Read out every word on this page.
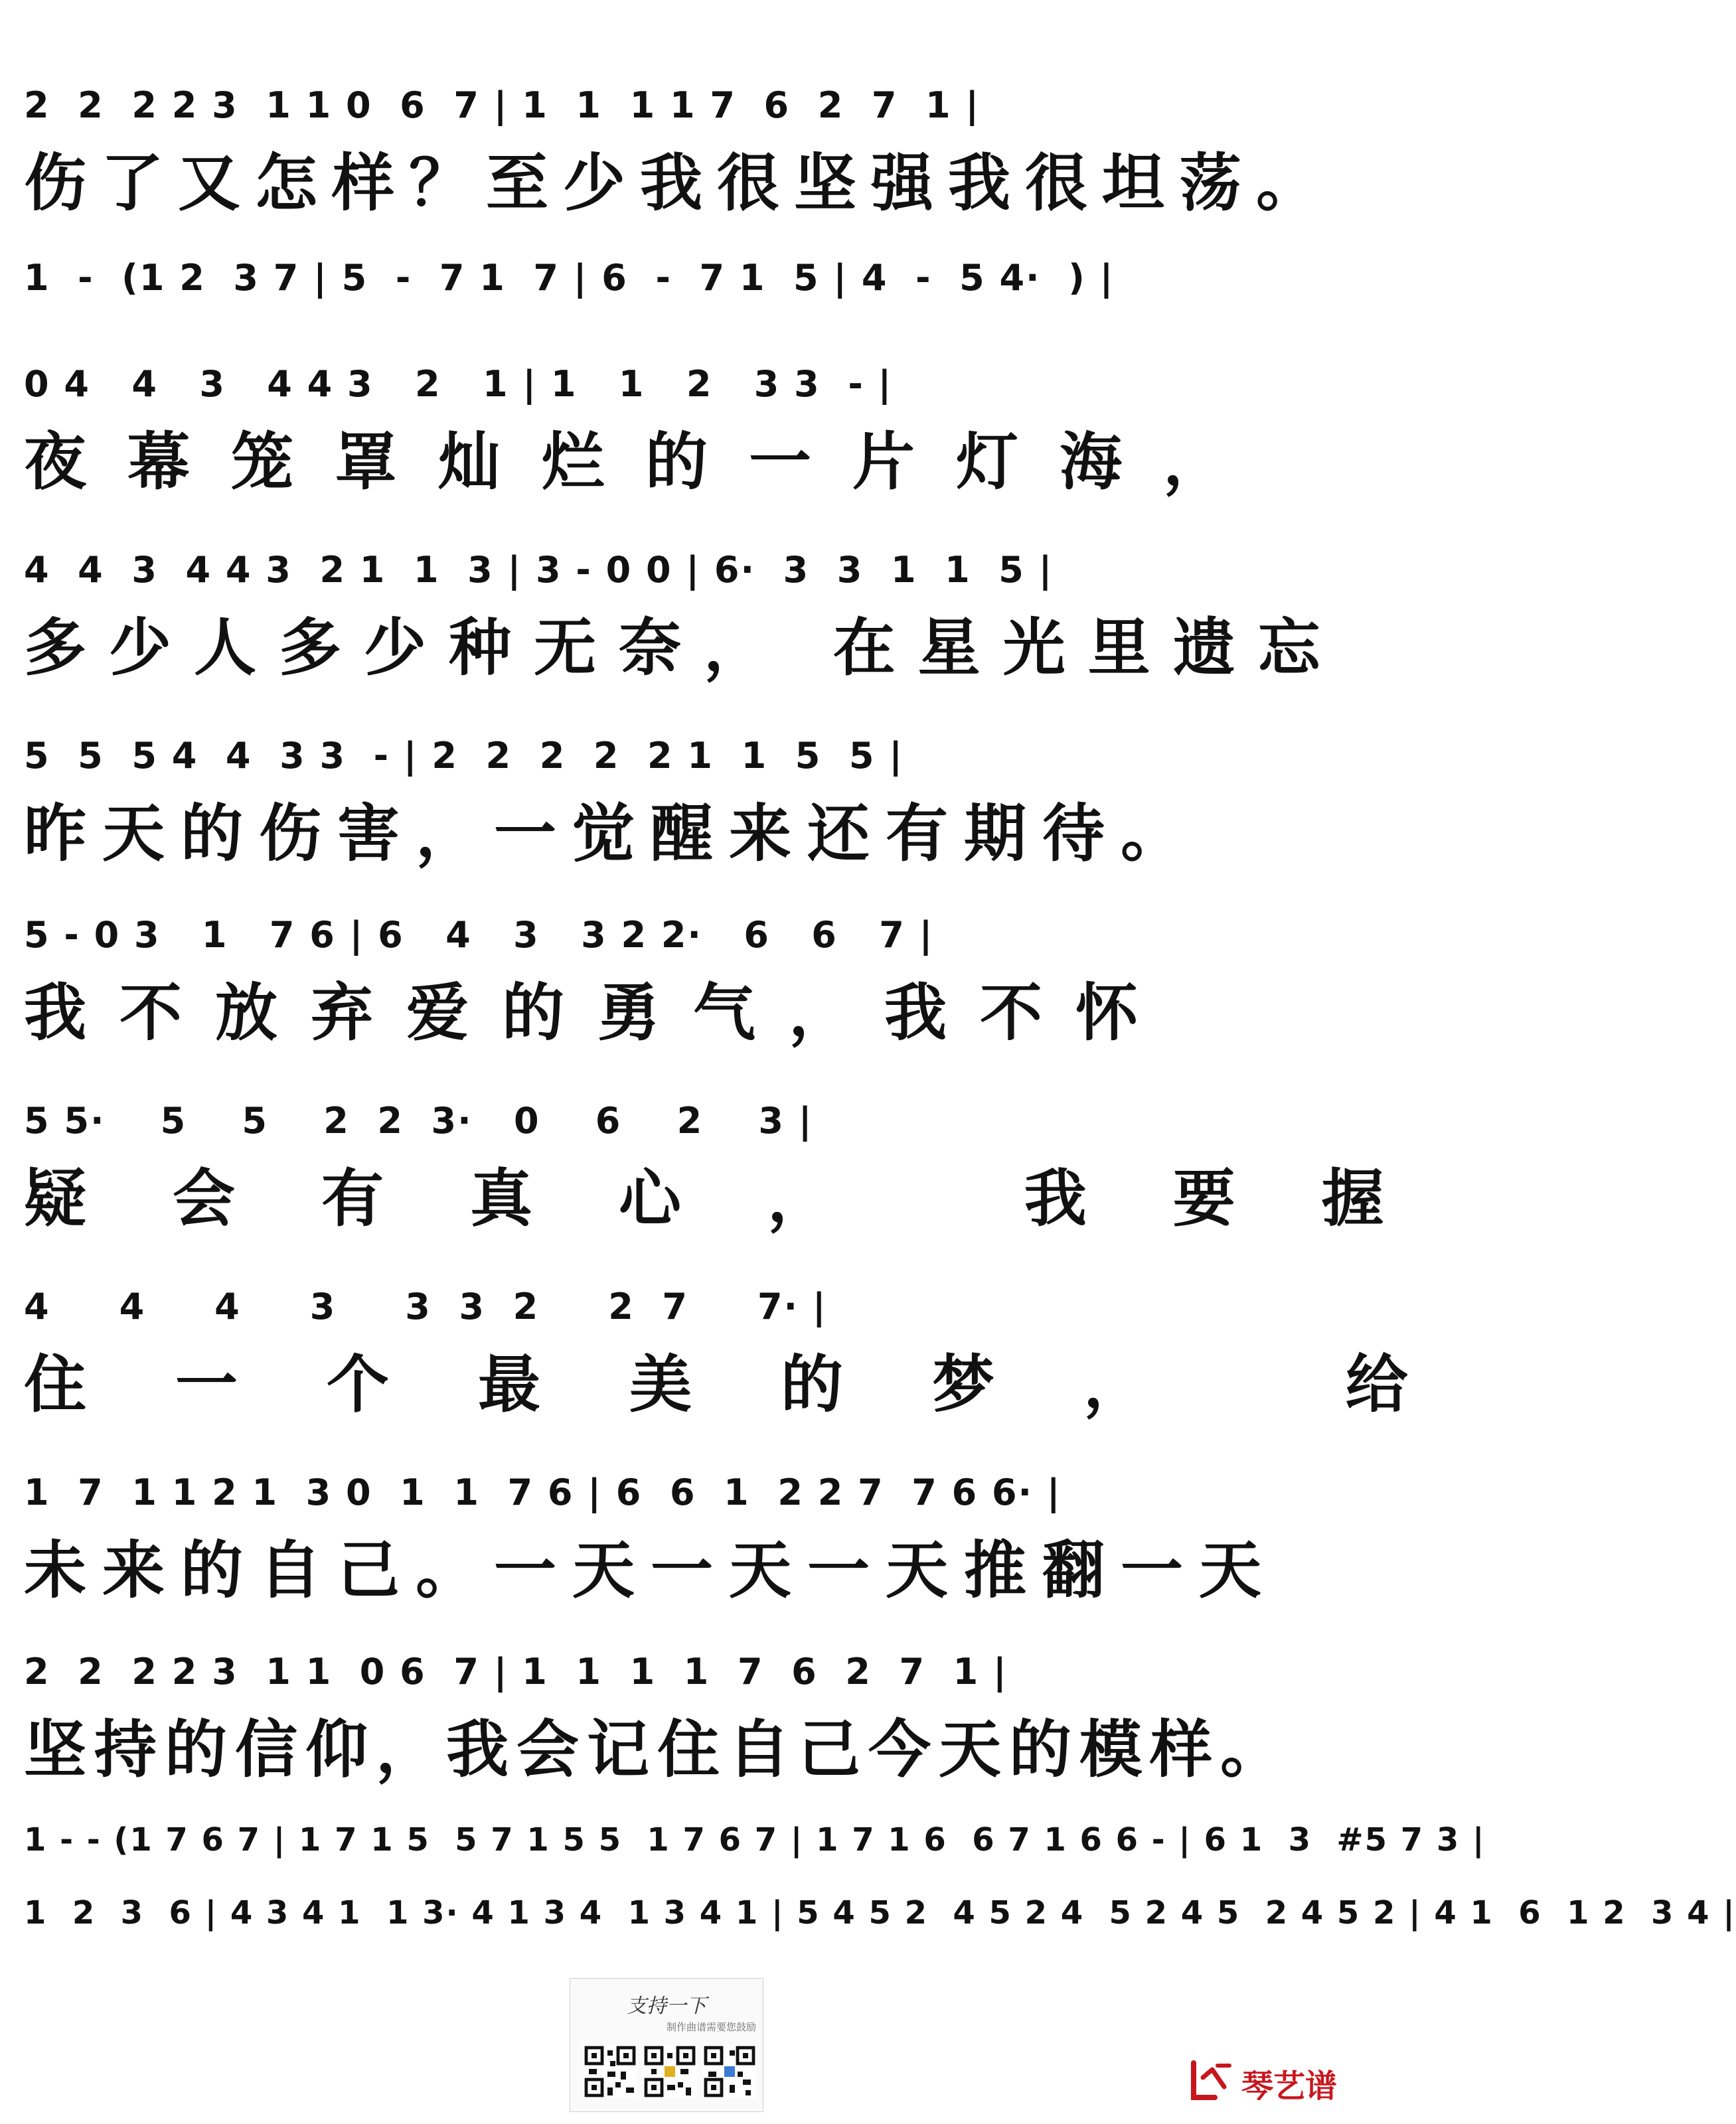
2  2  2 2 3  1 1 0  6  7 | 1  1  1 1 7  6  2  7  1 |
伤了又怎样？至少我很坚强我很坦荡。
1  -  (1 2  3 7 | 5  -  7 1  7 | 6  -  7 1  5 | 4  -  5 4·  ) |
0 4   4   3   4 4 3   2   1 | 1   1   2   3 3  - |
夜幕笼罩灿烂的一片灯海，
4  4  3  4 4 3  2 1  1  3 | 3 - 0 0 | 6·  3  3  1  1  5 |
多少人多少种无奈， 在星光里遗忘
5  5  5 4  4  3 3  - | 2  2  2  2  2 1  1  5  5 |
昨天的伤害，一觉醒来还有期待。
5 - 0 3   1   7 6 | 6   4   3   3 2 2·   6   6   7 |
我不放弃爱的勇气，我不怀
5 5·    5    5    2  2  3·   0    6    2    3 |
疑会有真心， 我要握
4     4     4     3     3  3  2     2  7     7· |
住一个最美的梦， 给
1  7  1 1 2 1  3 0  1  1  7 6 | 6  6  1  2 2 7  7 6 6· |
未来的自己。一天一天一天推翻一天
2  2  2 2 3  1 1  0 6  7 | 1  1  1  1  7  6  2  7  1 |
坚持的信仰，我会记住自己今天的模样。
1 - - (1 7 6 7 | 1 7 1 5  5 7 1 5 5  1 7 6 7 | 1 7 1 6  6 7 1 6 6 - | 6 1  3  #5 7 3 |
1  2  3  6 | 4 3 4 1  1 3· 4 1 3 4  1 3 4 1 | 5 4 5 2  4 5 2 4  5 2 4 5  2 4 5 2 | 4 1  6  1 2  3 4 |
支持一下
制作曲谱需要您鼓励
琴艺谱
